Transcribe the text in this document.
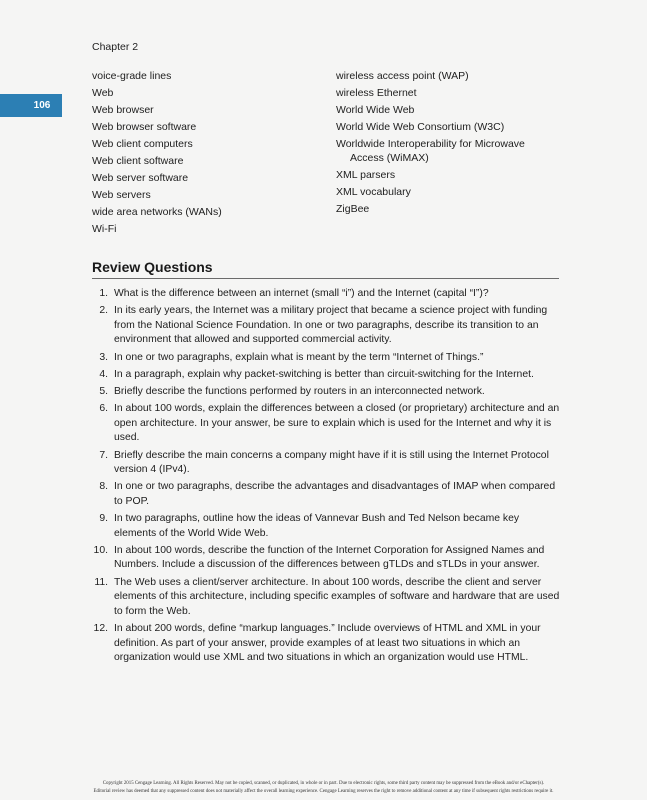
Chapter 2
106
voice-grade lines
Web
Web browser
Web browser software
Web client computers
Web client software
Web server software
Web servers
wide area networks (WANs)
Wi-Fi
wireless access point (WAP)
wireless Ethernet
World Wide Web
World Wide Web Consortium (W3C)
Worldwide Interoperability for Microwave
Access (WiMAX)
XML parsers
XML vocabulary
ZigBee
Review Questions
1. What is the difference between an internet (small “i”) and the Internet (capital “I”)?
2. In its early years, the Internet was a military project that became a science project with funding from the National Science Foundation. In one or two paragraphs, describe its transition to an environment that allowed and supported commercial activity.
3. In one or two paragraphs, explain what is meant by the term “Internet of Things.”
4. In a paragraph, explain why packet-switching is better than circuit-switching for the Internet.
5. Briefly describe the functions performed by routers in an interconnected network.
6. In about 100 words, explain the differences between a closed (or proprietary) architecture and an open architecture. In your answer, be sure to explain which is used for the Internet and why it is used.
7. Briefly describe the main concerns a company might have if it is still using the Internet Protocol version 4 (IPv4).
8. In one or two paragraphs, describe the advantages and disadvantages of IMAP when compared to POP.
9. In two paragraphs, outline how the ideas of Vannevar Bush and Ted Nelson became key elements of the World Wide Web.
10. In about 100 words, describe the function of the Internet Corporation for Assigned Names and Numbers. Include a discussion of the differences between gTLDs and sTLDs in your answer.
11. The Web uses a client/server architecture. In about 100 words, describe the client and server elements of this architecture, including specific examples of software and hardware that are used to form the Web.
12. In about 200 words, define “markup languages.” Include overviews of HTML and XML in your definition. As part of your answer, provide examples of at least two situations in which an organization would use XML and two situations in which an organization would use HTML.
Copyright 2015 Cengage Learning. All Rights Reserved. May not be copied, scanned, or duplicated, in whole or in part. Due to electronic rights, some third party content may be suppressed from the eBook and/or eChapter(s).
Editorial review has deemed that any suppressed content does not materially affect the overall learning experience. Cengage Learning reserves the right to remove additional content at any time if subsequent rights restrictions require it.
